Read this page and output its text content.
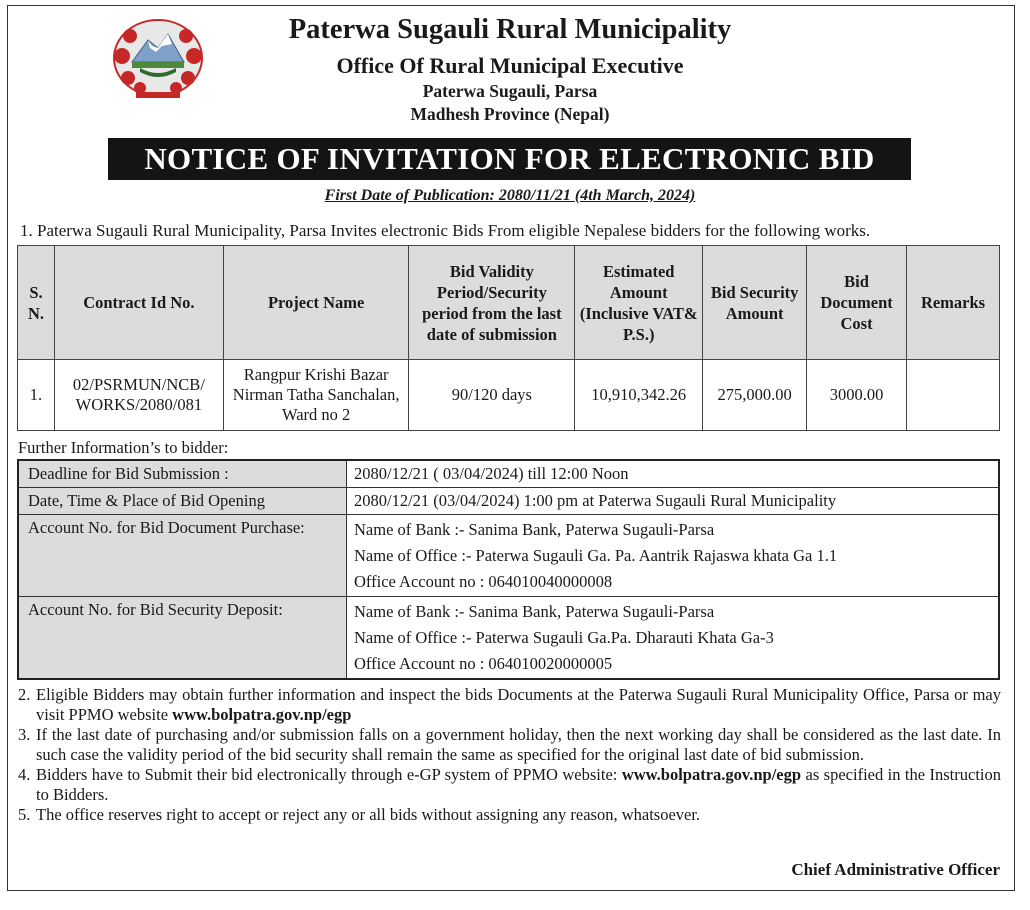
Paterwa Sugauli Rural Municipality
Office Of Rural Municipal Executive
Paterwa Sugauli, Parsa
Madhesh Province (Nepal)
NOTICE OF INVITATION FOR ELECTRONIC BID
First Date of Publication: 2080/11/21 (4th March, 2024)
1. Paterwa Sugauli Rural Municipality, Parsa Invites electronic Bids From eligible Nepalese bidders for the following works.
S. N.	Contract Id No.	Project Name	Bid Validity Period/Security period from the last date of submission	Estimated Amount (Inclusive VAT& P.S.)	Bid Security Amount	Bid Document Cost	Remarks
1.	02/PSRMUN/NCB/ WORKS/2080/081	Rangpur Krishi Bazar Nirman Tatha Sanchalan, Ward no 2	90/120 days	10,910,342.26	275,000.00	3000.00	
Further Information’s to bidder:
Deadline for Bid Submission :	2080/12/21 ( 03/04/2024) till 12:00 Noon
Date, Time & Place of Bid Opening	2080/12/21 (03/04/2024) 1:00 pm at Paterwa Sugauli Rural Municipality
Account No. for Bid Document Purchase:	Name of Bank :- Sanima Bank, Paterwa Sugauli-Parsa
Name of Office :- Paterwa Sugauli Ga. Pa. Aantrik Rajaswa khata Ga 1.1
Office Account no : 064010040000008

Account No. for Bid Security Deposit:	Name of Bank :- Sanima Bank, Paterwa Sugauli-Parsa
Name of Office :- Paterwa Sugauli Ga.Pa. Dharauti Khata Ga-3
Office Account no : 064010020000005
2. Eligible Bidders may obtain further information and inspect the bids Documents at the Paterwa Sugauli Rural Municipality Office, Parsa or may visit PPMO website www.bolpatra.gov.np/egp
3. If the last date of purchasing and/or submission falls on a government holiday, then the next working day shall be considered as the last date. In such case the validity period of the bid security shall remain the same as specified for the original last date of bid submission.
4. Bidders have to Submit their bid electronically through e-GP system of PPMO website: www.bolpatra.gov.np/egp as specified in the Instruction to Bidders.
5. The office reserves right to accept or reject any or all bids without assigning any reason, whatsoever.
Chief Administrative Officer
